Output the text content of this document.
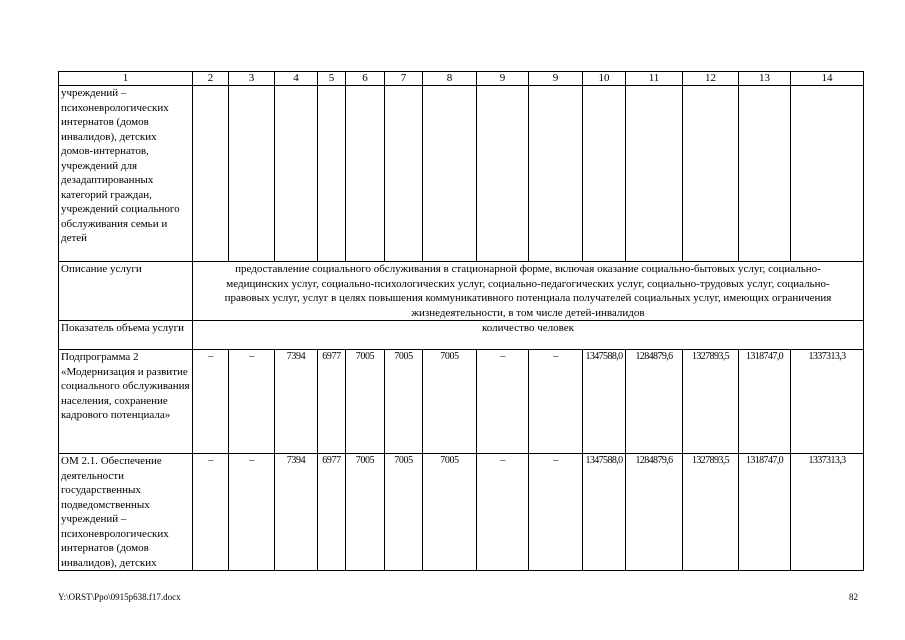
1	2	3	4	5	6	7	8	9	9	10	11	12	13	14
учреждений – психоневрологических интернатов (домов инвалидов), детских домов-интернатов, учреждений для дезадаптированных категорий граждан, учреждений социального обслуживания семьи и детей														
Описание услуги	предоставление социального обслуживания в стационарной форме, включая оказание социально-бытовых услуг, социально-медицинских услуг, социально-психологических услуг, социально-педагогических услуг, социально-трудовых услуг, социально-правовых услуг, услуг в целях повышения коммуникативного потенциала получателей социальных услуг, имеющих ограничения жизнедеятельности, в том числе детей-инвалидов													
Показатель объема услуги	количество человек													
Подпрограмма 2 «Модернизация и развитие социального обслуживания населения, сохранение кадрового потенциала»	–	–	7394	6977	7005	7005	7005	–	–	1347588,0	1284879,6	1327893,5	1318747,0	1337313,3
ОМ 2.1. Обеспечение деятельности государственных подведомственных учреждений – психоневрологических интернатов (домов инвалидов), детских	–	–	7394	6977	7005	7005	7005	–	–	1347588,0	1284879,6	1327893,5	1318747,0	1337313,3
Y:\ORST\Ppo\0915p638.f17.docx	82
